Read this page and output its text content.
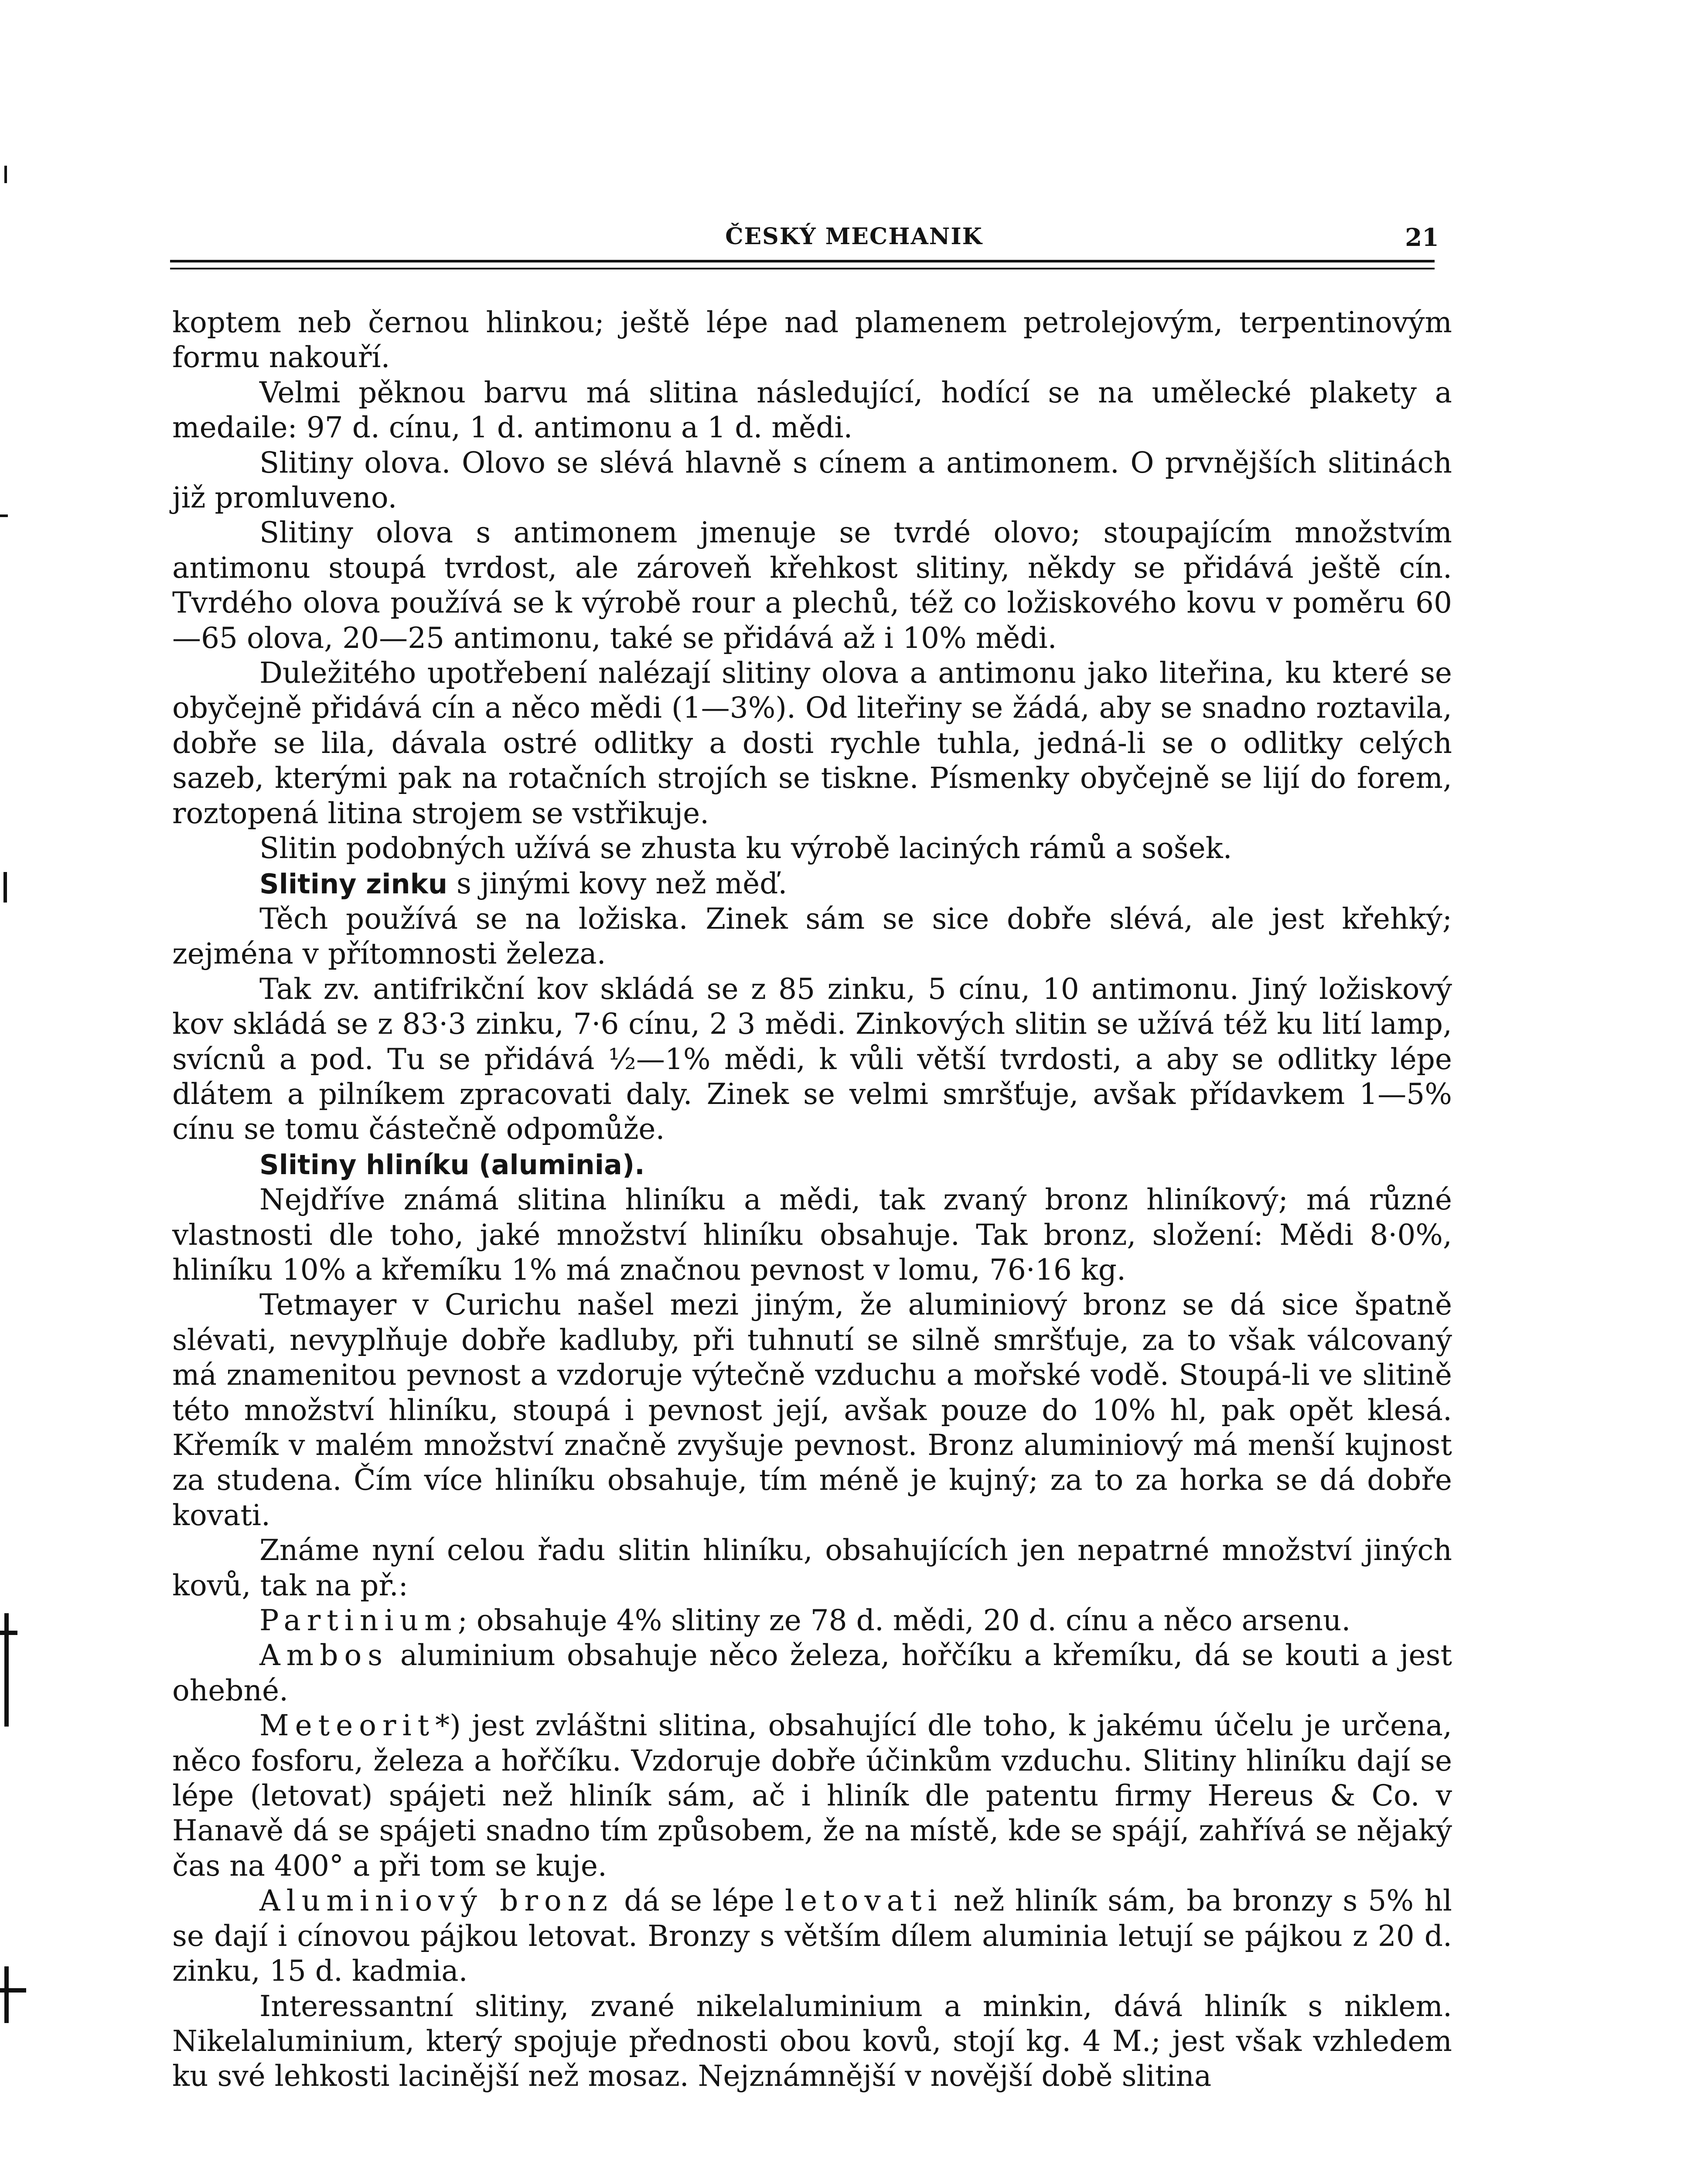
ČESKÝ MECHANIK	21

koptem neb černou hlinkou; ještě lépe nad plamenem petrolejovým, terpentinovým formu nakouří.

Velmi pěknou barvu má slitina následující, hodící se na umělecké plakety a medaile: 97 d. cínu, 1 d. antimonu a 1 d. mědi.

Slitiny olova. Olovo se slévá hlavně s cínem a antimonem. O prvnějších slitinách již promluveno.

Slitiny olova s antimonem jmenuje se tvrdé olovo; stoupajícím množstvím antimonu stoupá tvrdost, ale zároveň křehkost slitiny, někdy se přidává ještě cín. Tvrdého olova používá se k výrobě rour a plechů, též co ložiskového kovu v poměru 60—65 olova, 20—25 antimonu, také se přidává až i 10% mědi.

Duležitého upotřebení nalézají slitiny olova a antimonu jako liteřina, ku které se obyčejně přidává cín a něco mědi (1—3%). Od liteřiny se žádá, aby se snadno roztavila, dobře se lila, dávala ostré odlitky a dosti rychle tuhla, jedná-li se o odlitky celých sazeb, kterými pak na rotačních strojích se tiskne. Písmenky obyčejně se lijí do forem, roztopená litina strojem se vstřikuje.

Slitin podobných užívá se zhusta ku výrobě laciných rámů a sošek.

Slitiny zinku s jinými kovy než měď.

Těch používá se na ložiska. Zinek sám se sice dobře slévá, ale jest křehký; zejména v přítomnosti železa.

Tak zv. antifrikční kov skládá se z 85 zinku, 5 cínu, 10 antimonu. Jiný ložiskový kov skládá se z 83·3 zinku, 7·6 cínu, 2 3 mědi. Zinkových slitin se užívá též ku lití lamp, svícnů a pod. Tu se přidává ½—1% mědi, k vůli větší tvrdosti, a aby se odlitky lépe dlátem a pilníkem zpracovati daly. Zinek se velmi smršťuje, avšak přídavkem 1—5% cínu se tomu částečně odpomůže.

Slitiny hliníku (aluminia).

Nejdříve známá slitina hliníku a mědi, tak zvaný bronz hliníkový; má různé vlastnosti dle toho, jaké množství hliníku obsahuje. Tak bronz, složení: Mědi 8·0%, hliníku 10% a křemíku 1% má značnou pevnost v lomu, 76·16 kg.

Tetmayer v Curichu našel mezi jiným, že aluminiový bronz se dá sice špatně slévati, nevyplňuje dobře kadluby, při tuhnutí se silně smršťuje, za to však válcovaný má znamenitou pevnost a vzdoruje výtečně vzduchu a mořské vodě. Stoupá-li ve slitině této množství hliníku, stoupá i pevnost její, avšak pouze do 10% hl, pak opět klesá. Křemík v malém množství značně zvyšuje pevnost. Bronz aluminiový má menší kujnost za studena. Čím více hliníku obsahuje, tím méně je kujný; za to za horka se dá dobře kovati.

Známe nyní celou řadu slitin hliníku, obsahujících jen nepatrné množství jiných kovů, tak na př.:

Partinium; obsahuje 4% slitiny ze 78 d. mědi, 20 d. cínu a něco arsenu.

Ambos aluminium obsahuje něco železa, hořčíku a křemíku, dá se kouti a jest ohebné.

Meteorit*) jest zvláštni slitina, obsahující dle toho, k jakému účelu je určena, něco fosforu, železa a hořčíku. Vzdoruje dobře účinkům vzduchu. Slitiny hliníku dají se lépe (letovat) spájeti než hliník sám, ač i hliník dle patentu firmy Hereus & Co. v Hanavě dá se spájeti snadno tím způsobem, že na místě, kde se spájí, zahřívá se nějaký čas na 400° a při tom se kuje.

Aluminiový bronz dá se lépe letovati než hliník sám, ba bronzy s 5% hl se dají i cínovou pájkou letovat. Bronzy s větším dílem aluminia letují se pájkou z 20 d. zinku, 15 d. kadmia.

Interessantní slitiny, zvané nikelaluminium a minkin, dává hliník s niklem. Nikelaluminium, který spojuje přednosti obou kovů, stojí kg. 4 M.; jest však vzhledem ku své lehkosti lacinější než mosaz. Nejznámnější v novější době slitina
